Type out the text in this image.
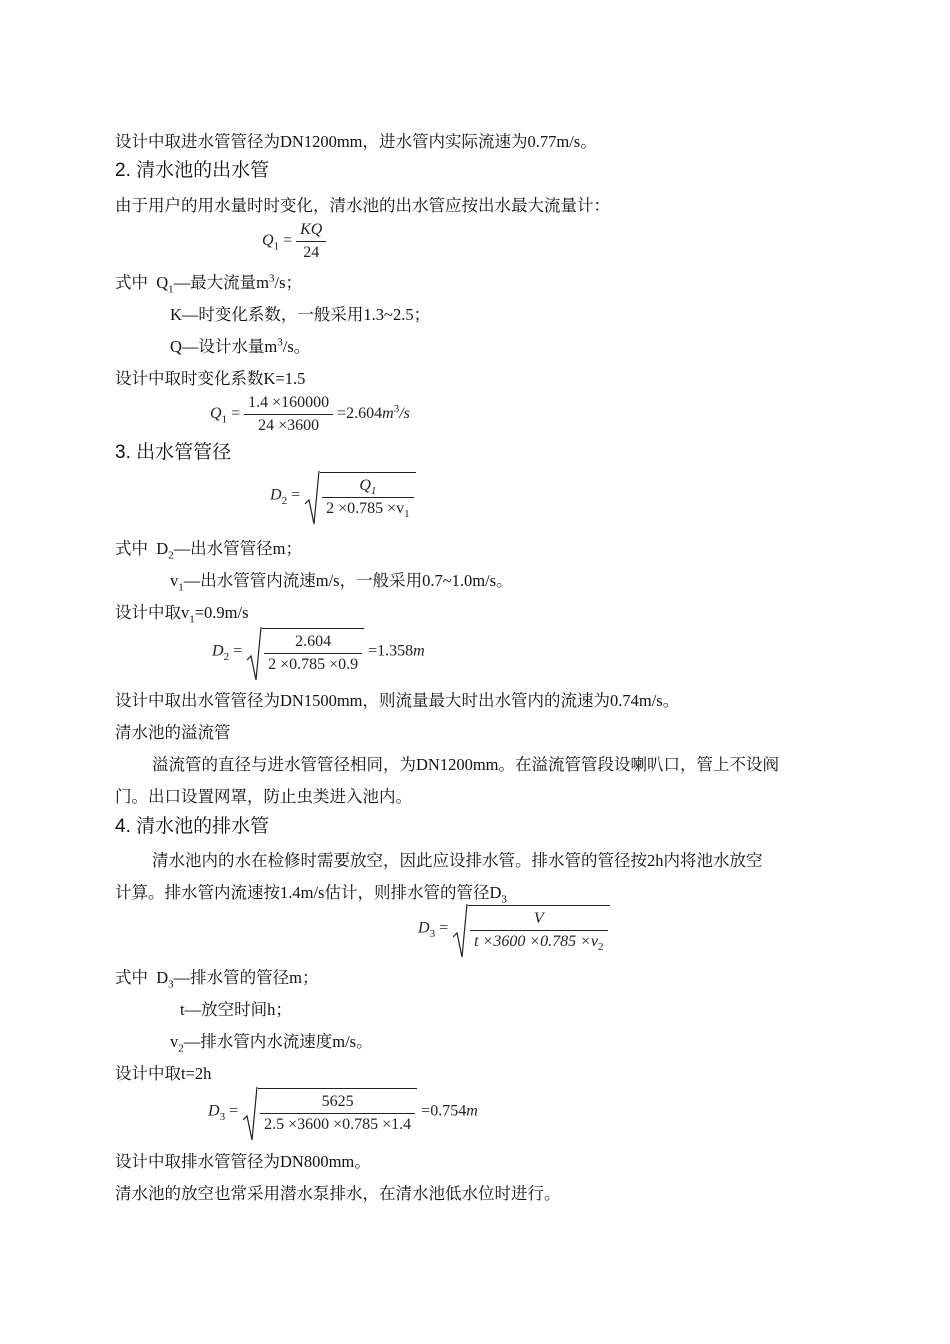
设计中取进水管管径为DN1200mm，进水管内实际流速为0.77m/s。
2. 清水池的出水管
由于用户的用水量时时变化，清水池的出水管应按出水最大流量计：
$Q_1 = \frac{KQ}{24}$
式中 $Q_1—$最大流量$m^3/s$；
K—时变化系数，一般采用1.3~2.5；
Q—设计水量$m^3/s$。
设计中取时变化系数K=1.5
$Q_1 = \frac{1.4 \times 160000}{24 \times 3600} =2.604m^3/s$
3. 出水管管径
$D_2 = \frac{Q_1}{2 \times 0.785 \times v_1}$
式中 $D_2—$出水管管径m；
$v_1—$出水管管内流速m/s，一般采用0.7~1.0m/s。
设计中取$v_1=0.9m/s$
$D_2 = \frac{2.604}{2 \times 0.785 \times 0.9} =1.358m$
设计中取出水管管径为DN1500mm，则流量最大时出水管内的流速为0.74m/s。
清水池的溢流管
溢流管的直径与进水管管径相同，为DN1200mm。在溢流管管段设喇叭口，管上不设阀
门。出口设置网罩，防止虫类进入池内。
4. 清水池的排水管
清水池内的水在检修时需要放空，因此应设排水管。排水管的管径按2h内将池水放空
计算。排水管内流速按1.4m/s估计，则排水管的管径$D_3$
$D_3 = \frac{V}{t \times 3600 \times 0.785 \times v_2}$
式中 $D_3—$排水管的管径m；
t—放空时间h；
$v_2—$排水管内水流速度m/s。
设计中取t=2h
$D_3 = \frac{5625}{2.5 \times 3600 \times 0.785 \times 1.4} =0.754m$
设计中取排水管管径为DN800mm。
清水池的放空也常采用潜水泵排水，在清水池低水位时进行。
